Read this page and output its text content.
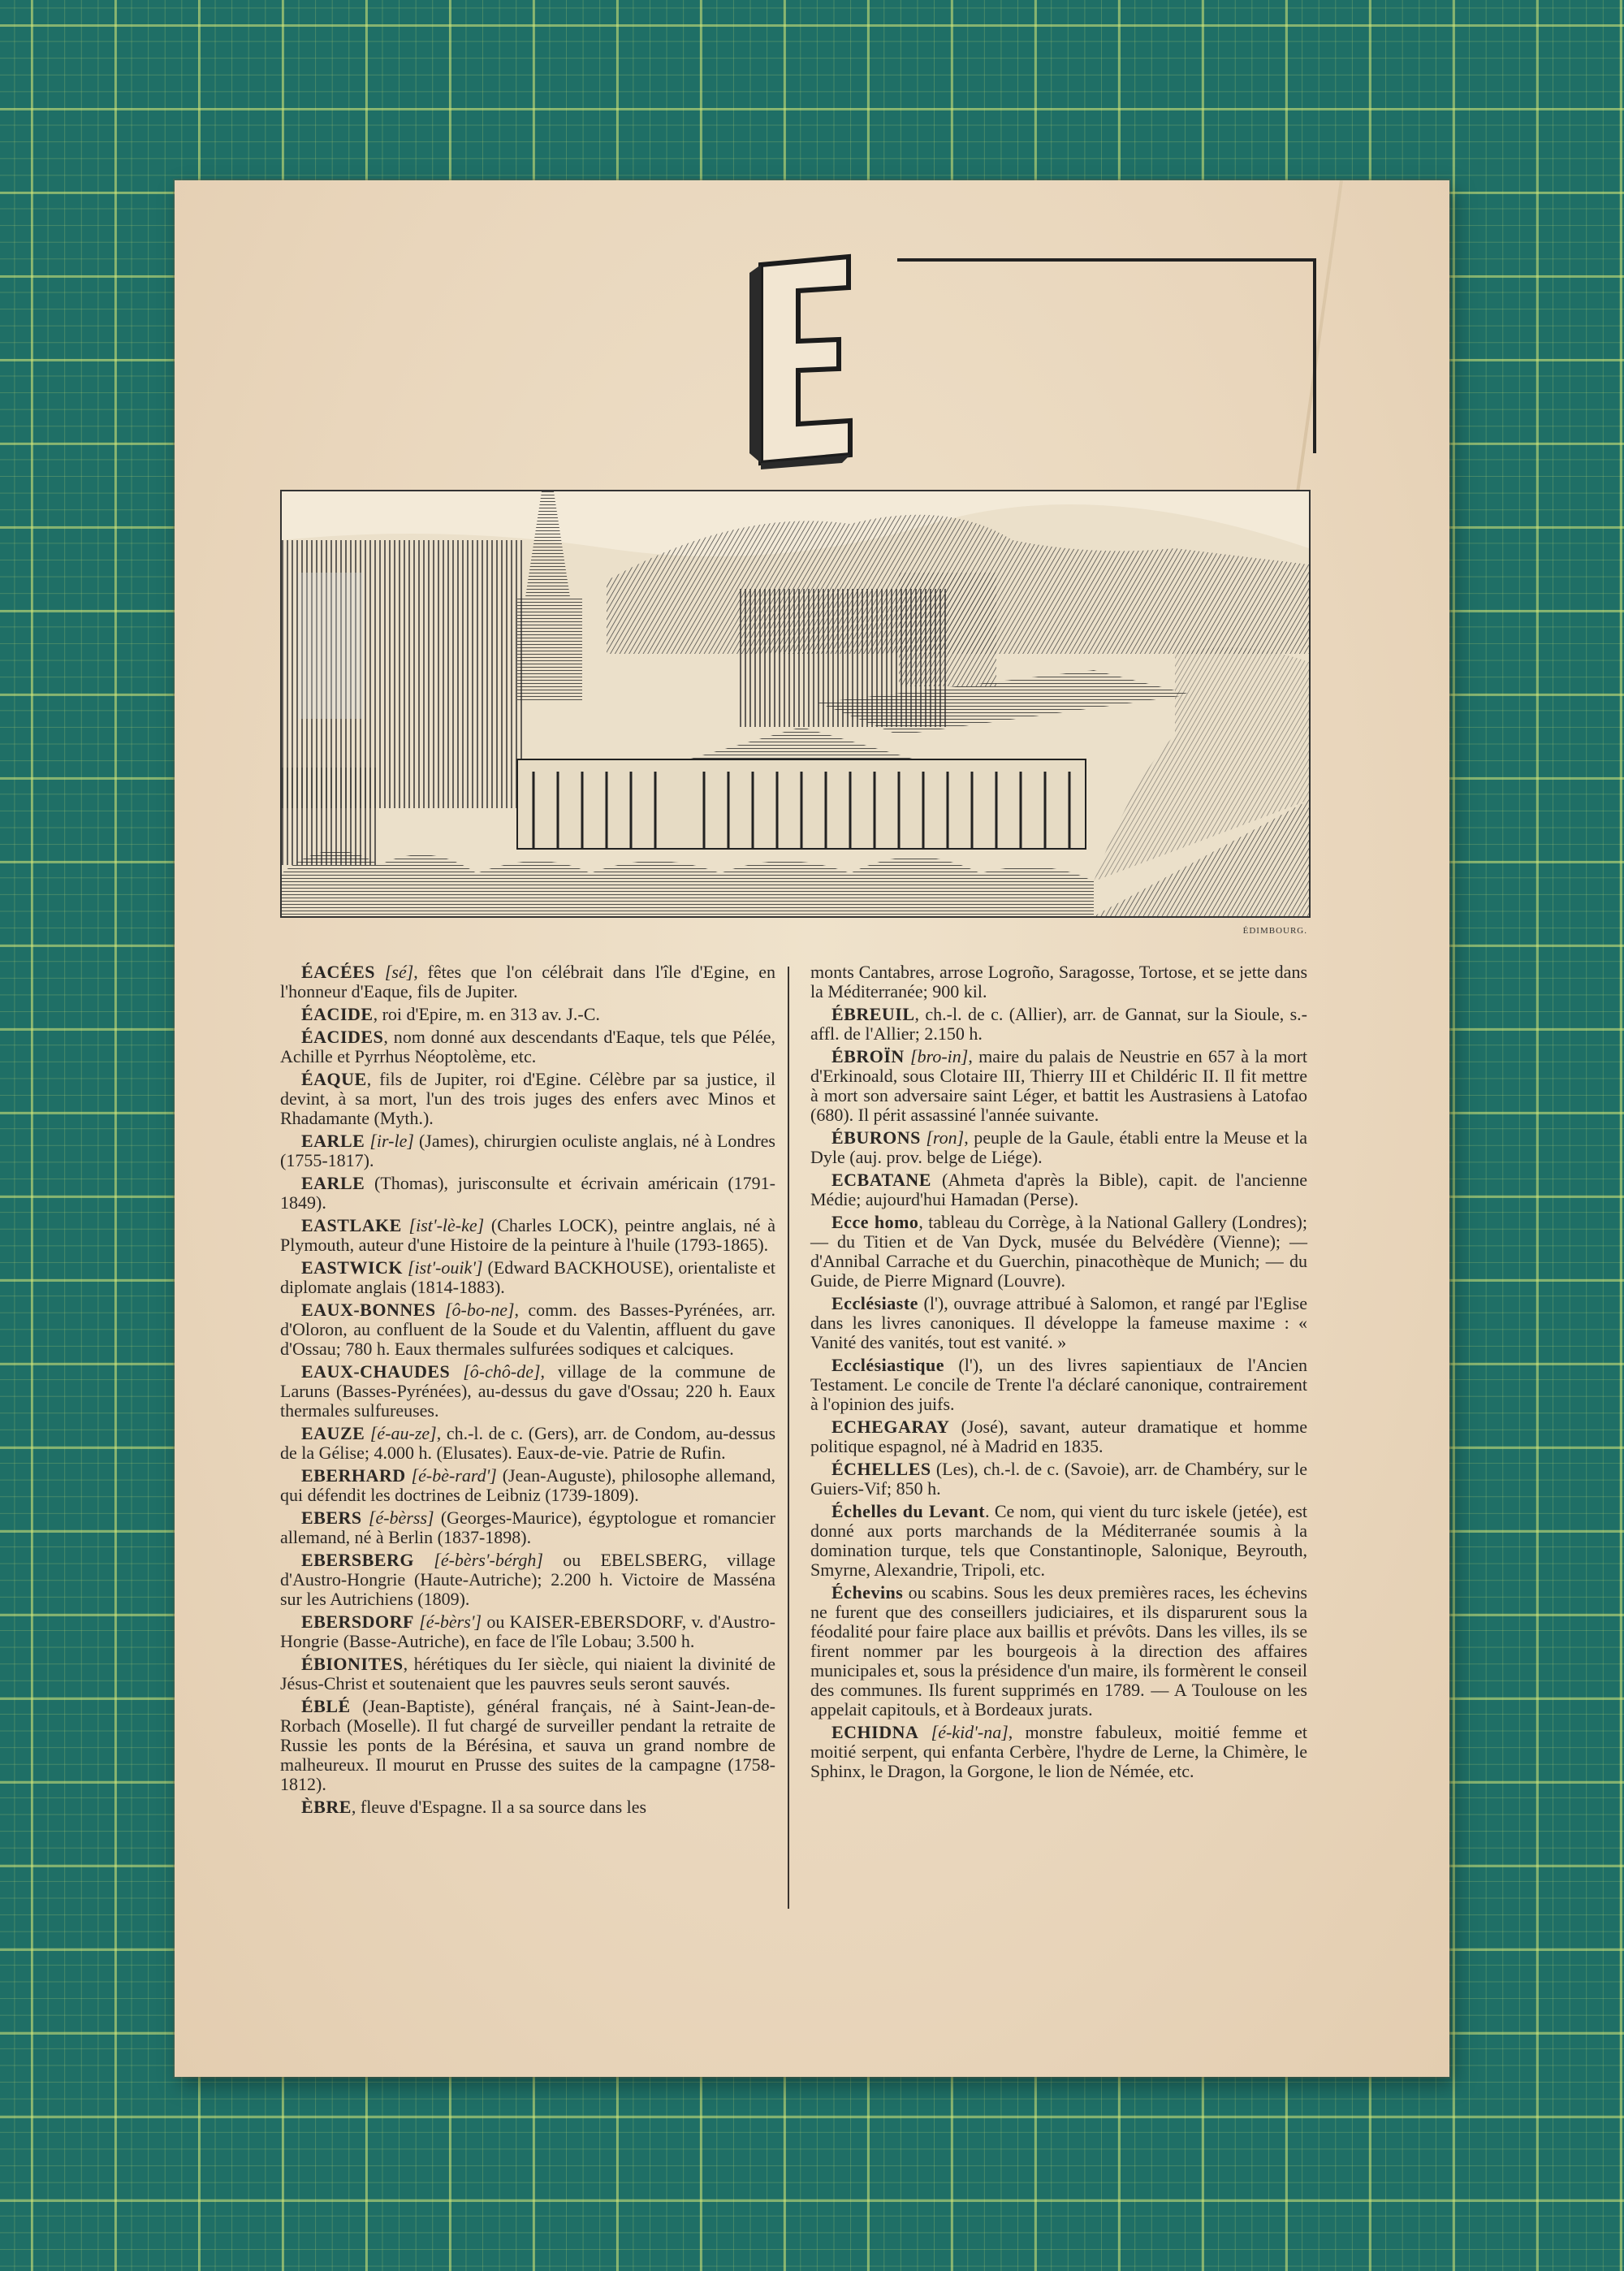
ÉDIMBOURG.

ÉACÉES [sé], fêtes que l'on célébrait dans l'île d'Egine, en l'honneur d'Eaque, fils de Jupiter.

ÉACIDE, roi d'Epire, m. en 313 av. J.-C.

ÉACIDES, nom donné aux descendants d'Eaque, tels que Pélée, Achille et Pyrrhus Néoptolème, etc.

ÉAQUE, fils de Jupiter, roi d'Egine. Célèbre par sa justice, il devint, à sa mort, l'un des trois juges des enfers avec Minos et Rhadamante (Myth.).

EARLE [ir-le] (James), chirurgien oculiste anglais, né à Londres (1755-1817).

EARLE (Thomas), jurisconsulte et écrivain américain (1791-1849).

EASTLAKE [ist'-lè-ke] (Charles LOCK), peintre anglais, né à Plymouth, auteur d'une Histoire de la peinture à l'huile (1793-1865).

EASTWICK [ist'-ouik'] (Edward BACKHOUSE), orientaliste et diplomate anglais (1814-1883).

EAUX-BONNES [ô-bo-ne], comm. des Basses-Pyrénées, arr. d'Oloron, au confluent de la Soude et du Valentin, affluent du gave d'Ossau; 780 h. Eaux thermales sulfurées sodiques et calciques.

EAUX-CHAUDES [ô-chô-de], village de la commune de Laruns (Basses-Pyrénées), au-dessus du gave d'Ossau; 220 h. Eaux thermales sulfureuses.

EAUZE [é-au-ze], ch.-l. de c. (Gers), arr. de Condom, au-dessus de la Gélise; 4.000 h. (Elusates). Eaux-de-vie. Patrie de Rufin.

EBERHARD [é-bè-rard'] (Jean-Auguste), philosophe allemand, qui défendit les doctrines de Leibniz (1739-1809).

EBERS [é-bèrss] (Georges-Maurice), égyptologue et romancier allemand, né à Berlin (1837-1898).

EBERSBERG [é-bèrs'-bérgh] ou EBELSBERG, village d'Austro-Hongrie (Haute-Autriche); 2.200 h. Victoire de Masséna sur les Autrichiens (1809).

EBERSDORF [é-bèrs'] ou KAISER-EBERSDORF, v. d'Austro-Hongrie (Basse-Autriche), en face de l'île Lobau; 3.500 h.

ÉBIONITES, hérétiques du Ier siècle, qui niaient la divinité de Jésus-Christ et soutenaient que les pauvres seuls seront sauvés.

ÉBLÉ (Jean-Baptiste), général français, né à Saint-Jean-de-Rorbach (Moselle). Il fut chargé de surveiller pendant la retraite de Russie les ponts de la Bérésina, et sauva un grand nombre de malheureux. Il mourut en Prusse des suites de la campagne (1758-1812).

ÈBRE, fleuve d'Espagne. Il a sa source dans les

monts Cantabres, arrose Logroño, Saragosse, Tortose, et se jette dans la Méditerranée; 900 kil.

ÉBREUIL, ch.-l. de c. (Allier), arr. de Gannat, sur la Sioule, s.-affl. de l'Allier; 2.150 h.

ÉBROÏN [bro-in], maire du palais de Neustrie en 657 à la mort d'Erkinoald, sous Clotaire III, Thierry III et Childéric II. Il fit mettre à mort son adversaire saint Léger, et battit les Austrasiens à Latofao (680). Il périt assassiné l'année suivante.

ÉBURONS [ron], peuple de la Gaule, établi entre la Meuse et la Dyle (auj. prov. belge de Liége).

ECBATANE (Ahmeta d'après la Bible), capit. de l'ancienne Médie; aujourd'hui Hamadan (Perse).

Ecce homo, tableau du Corrège, à la National Gallery (Londres); — du Titien et de Van Dyck, musée du Belvédère (Vienne); — d'Annibal Carrache et du Guerchin, pinacothèque de Munich; — du Guide, de Pierre Mignard (Louvre).

Ecclésiaste (l'), ouvrage attribué à Salomon, et rangé par l'Eglise dans les livres canoniques. Il développe la fameuse maxime : « Vanité des vanités, tout est vanité. »

Ecclésiastique (l'), un des livres sapientiaux de l'Ancien Testament. Le concile de Trente l'a déclaré canonique, contrairement à l'opinion des juifs.

ECHEGARAY (José), savant, auteur dramatique et homme politique espagnol, né à Madrid en 1835.

ÉCHELLES (Les), ch.-l. de c. (Savoie), arr. de Chambéry, sur le Guiers-Vif; 850 h.

Échelles du Levant. Ce nom, qui vient du turc iskele (jetée), est donné aux ports marchands de la Méditerranée soumis à la domination turque, tels que Constantinople, Salonique, Beyrouth, Smyrne, Alexandrie, Tripoli, etc.

Échevins ou scabins. Sous les deux premières races, les échevins ne furent que des conseillers judiciaires, et ils disparurent sous la féodalité pour faire place aux baillis et prévôts. Dans les villes, ils se firent nommer par les bourgeois à la direction des affaires municipales et, sous la présidence d'un maire, ils formèrent le conseil des communes. Ils furent supprimés en 1789. — A Toulouse on les appelait capitouls, et à Bordeaux jurats.

ECHIDNA [é-kid'-na], monstre fabuleux, moitié femme et moitié serpent, qui enfanta Cerbère, l'hydre de Lerne, la Chimère, le Sphinx, le Dragon, la Gorgone, le lion de Némée, etc.
